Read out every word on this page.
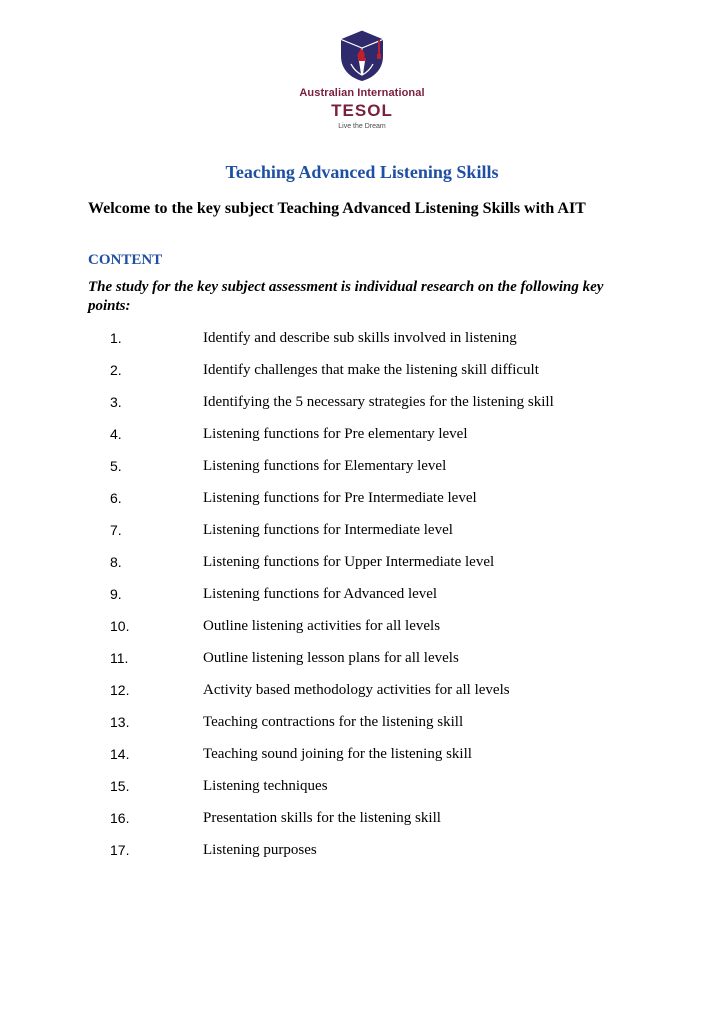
Australian International
TESOL
Live the Dream
Teaching Advanced Listening Skills
Welcome to the key subject Teaching Advanced Listening Skills with AIT
CONTENT
The study for the key subject assessment is individual research on the following key points:
1.	Identify and describe sub skills involved in listening
2.	Identify challenges that make the listening skill difficult
3.	Identifying the 5 necessary strategies for the listening skill
4.	Listening functions for Pre elementary level
5.	Listening functions for Elementary level
6.	Listening functions for Pre Intermediate level
7.	Listening functions for Intermediate level
8.	Listening functions for Upper Intermediate level
9.	Listening functions for Advanced level
10.	Outline listening activities for all levels
11.	Outline listening lesson plans for all levels
12.	Activity based methodology activities for all levels
13.	Teaching contractions for the listening skill
14.	Teaching sound joining for the listening skill
15.	Listening techniques
16.	Presentation skills for the listening skill
17.	Listening purposes
